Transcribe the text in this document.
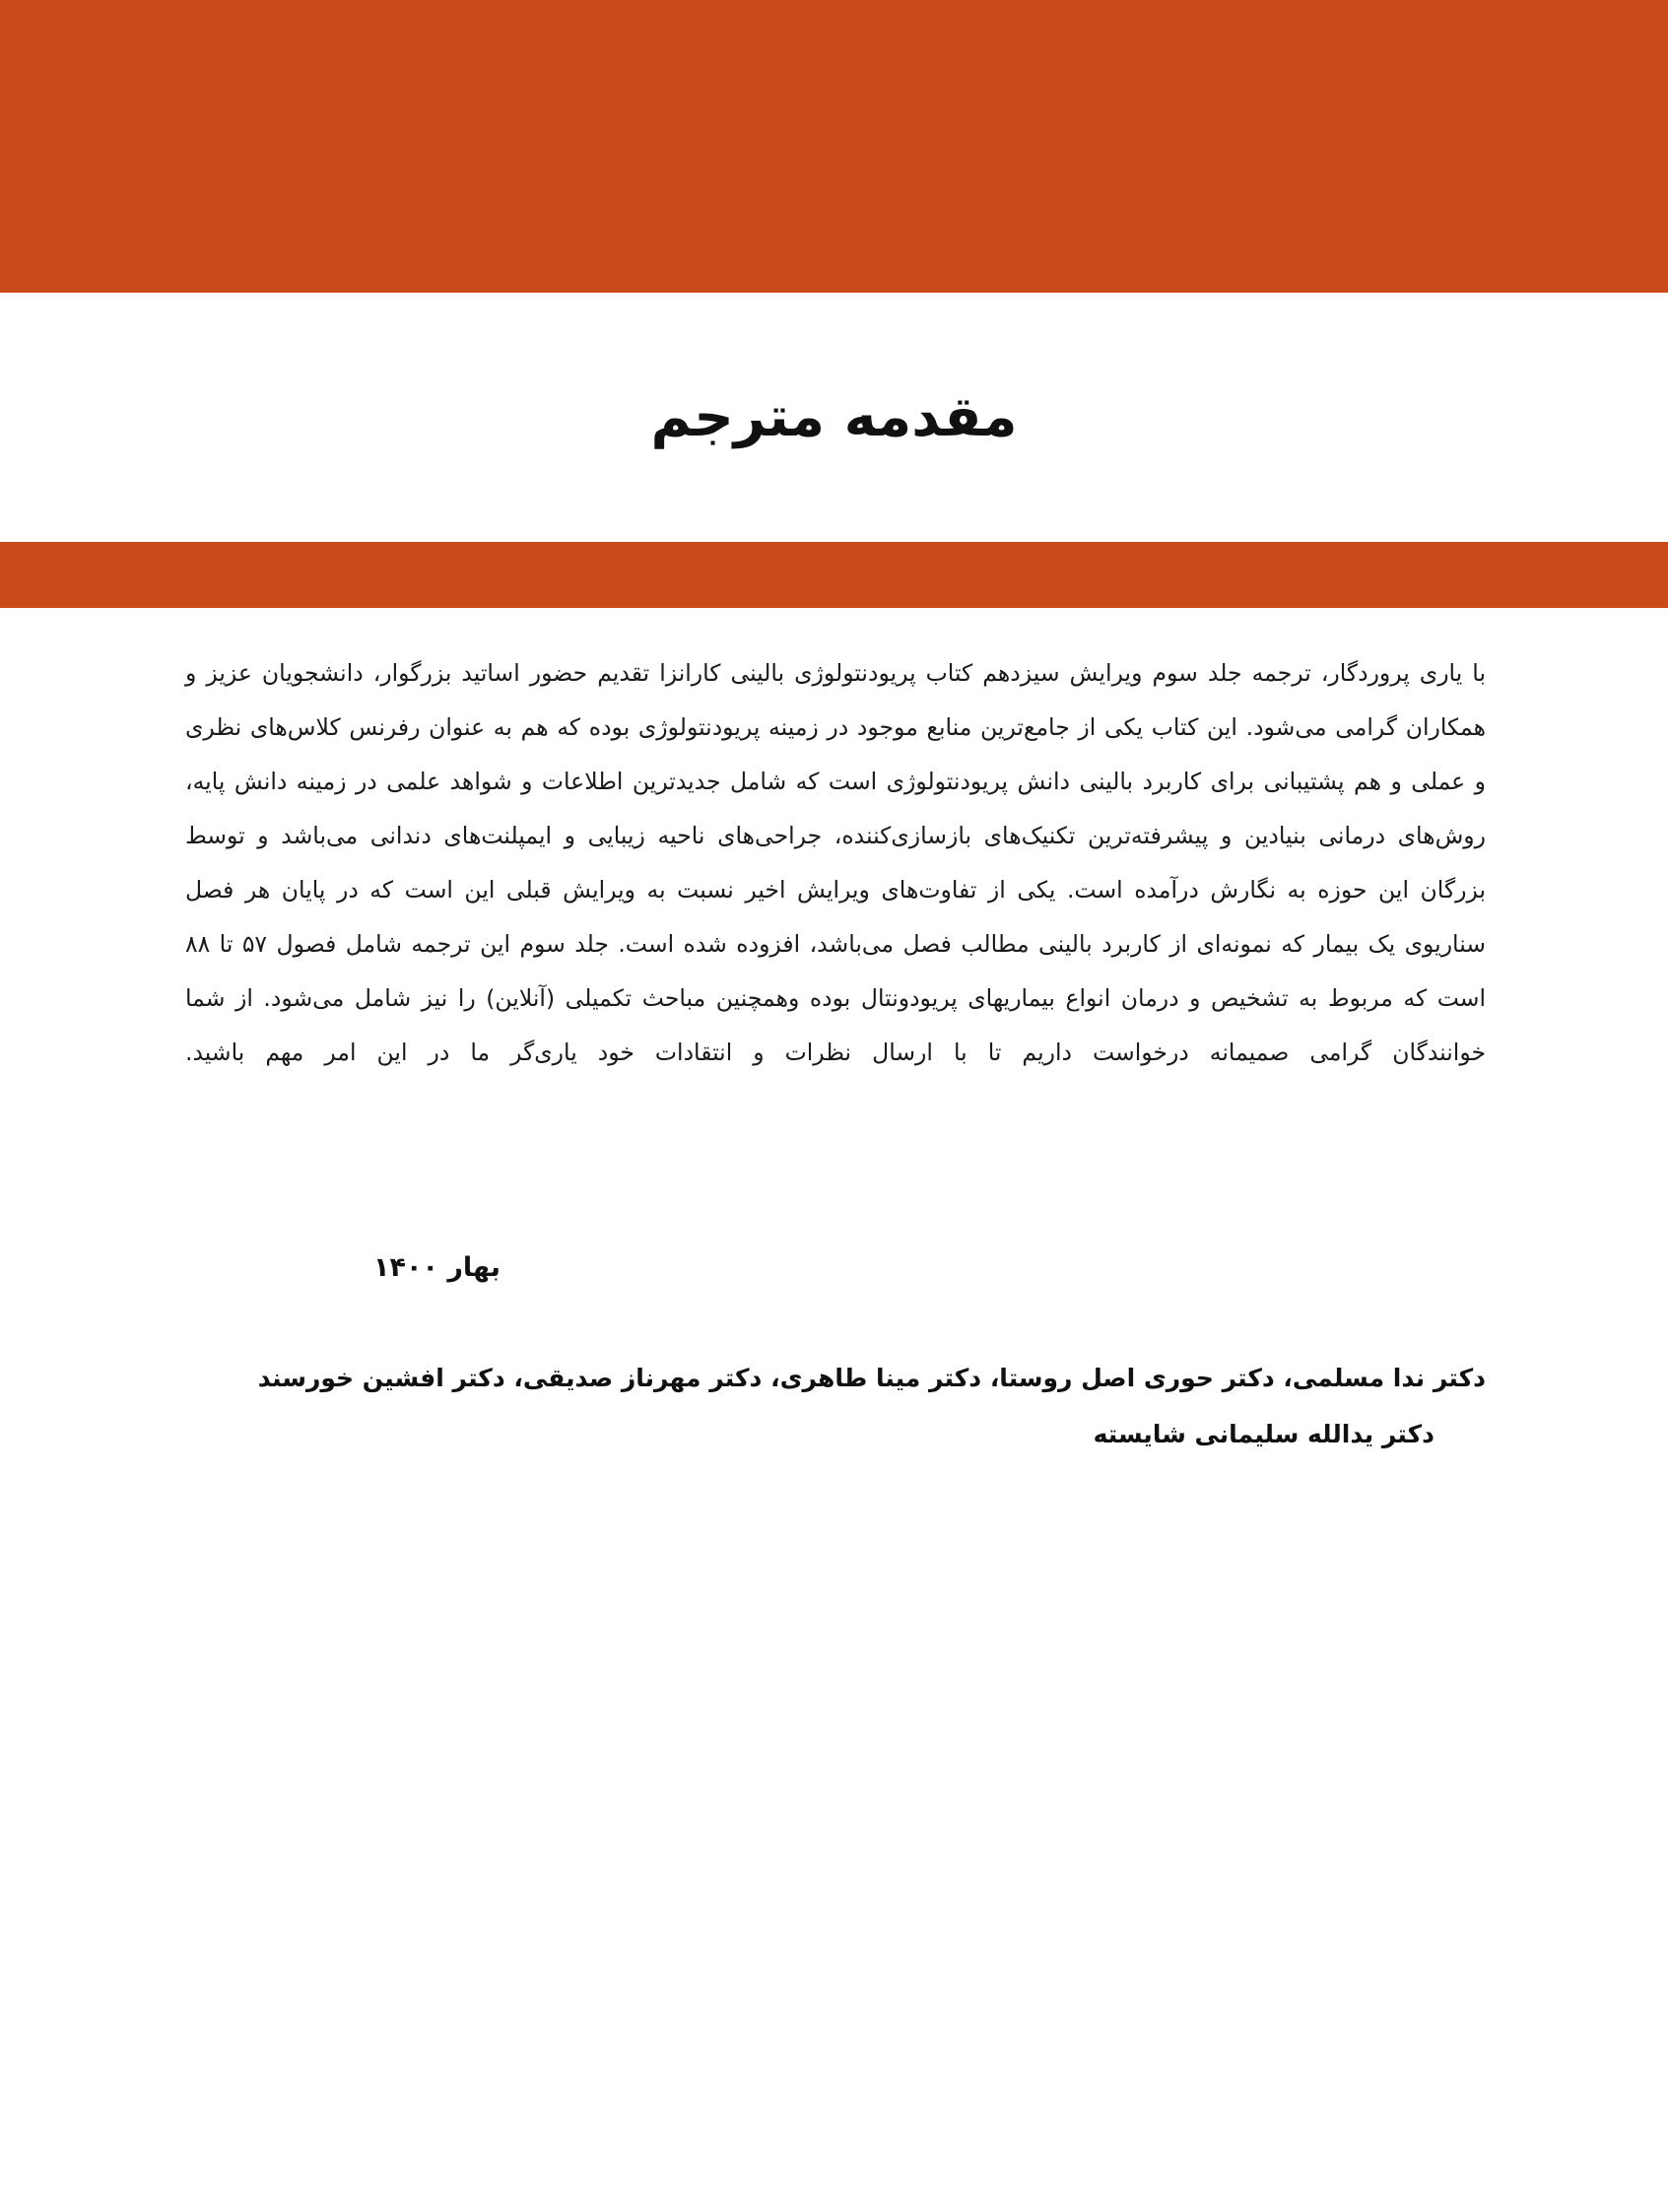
مقدمه مترجم

با یاری پروردگار، ترجمه جلد سوم ویرایش سیزدهم کتاب پریودنتولوژی بالینی کارانزا تقدیم حضور اساتید بزرگوار، دانشجویان عزیز و همکاران گرامی می‌شود. این کتاب یکی از جامع‌ترین منابع موجود در زمینه پریودنتولوژی بوده که هم به عنوان رفرنس کلاس‌های نظری و عملی و هم پشتیبانی برای کاربرد بالینی دانش پریودنتولوژی است که شامل جدیدترین اطلاعات و شواهد علمی در زمینه دانش پایه، روش‌های درمانی بنیادین و پیشرفته‌ترین تکنیک‌های بازسازی‌کننده، جراحی‌های ناحیه زیبایی و ایمپلنت‌های دندانی می‌باشد و توسط بزرگان این حوزه به نگارش درآمده است. یکی از تفاوت‌های ویرایش اخیر نسبت به ویرایش قبلی این است که در پایان هر فصل سناریوی یک بیمار که نمونه‌ای از کاربرد بالینی مطالب فصل می‌باشد، افزوده شده است. جلد سوم این ترجمه شامل فصول ۵۷ تا ۸۸ است که مربوط به تشخیص و درمان انواع بیماریهای پریودونتال بوده وهمچنین مباحث تکمیلی (آنلاین) را نیز شامل می‌شود. از شما خوانندگان گرامی صمیمانه درخواست داریم تا با ارسال نظرات و انتقادات خود یاری‌گر ما در این امر مهم باشید.

بهار ۱۴۰۰

دکتر ندا مسلمی، دکتر حوری اصل روستا، دکتر مینا طاهری، دکتر مهرناز صدیقی، دکتر افشین خورسند

دکتر یدالله سلیمانی شایسته
